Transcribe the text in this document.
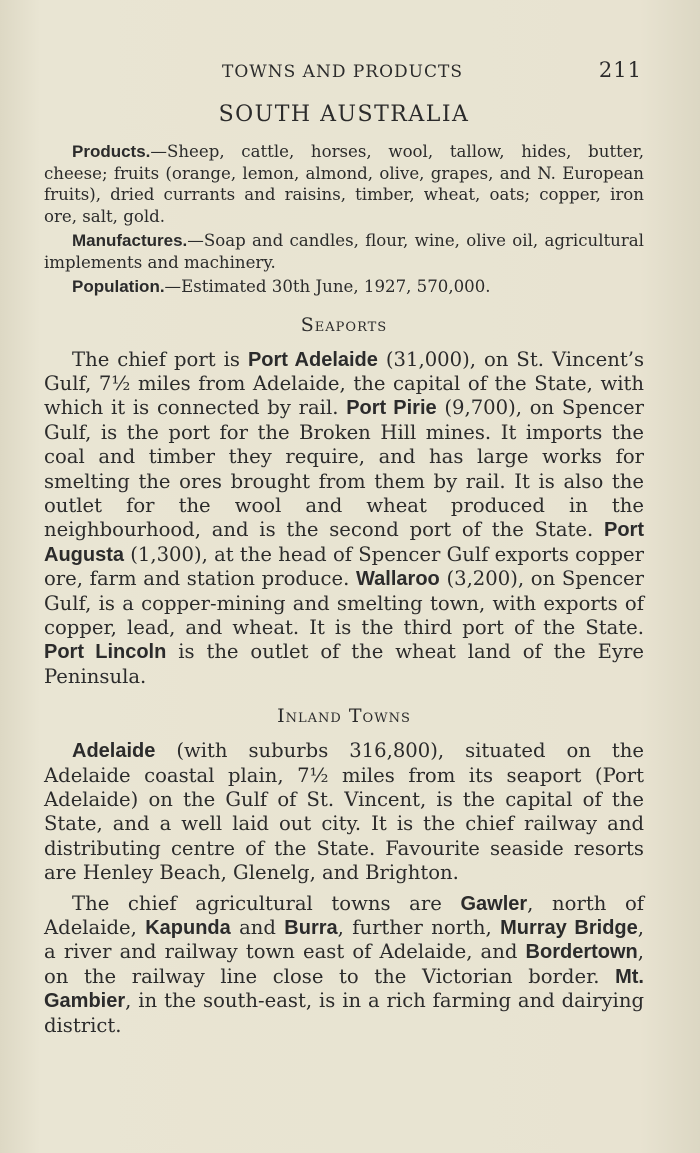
TOWNS AND PRODUCTS	211
SOUTH AUSTRALIA

Products.—Sheep, cattle, horses, wool, tallow, hides, butter, cheese; fruits (orange, lemon, almond, olive, grapes, and N. European fruits), dried currants and raisins, timber, wheat, oats; copper, iron ore, salt, gold.

Manufactures.—Soap and candles, flour, wine, olive oil, agricultural implements and machinery.

Population.—Estimated 30th June, 1927, 570,000.

Seaports

The chief port is Port Adelaide (31,000), on St. Vincent’s Gulf, 7½ miles from Adelaide, the capital of the State, with which it is connected by rail. Port Pirie (9,700), on Spencer Gulf, is the port for the Broken Hill mines. It imports the coal and timber they require, and has large works for smelting the ores brought from them by rail. It is also the outlet for the wool and wheat produced in the neighbourhood, and is the second port of the State. Port Augusta (1,300), at the head of Spencer Gulf exports copper ore, farm and station produce. Wallaroo (3,200), on Spencer Gulf, is a copper-mining and smelting town, with exports of copper, lead, and wheat. It is the third port of the State. Port Lincoln is the outlet of the wheat land of the Eyre Peninsula.

Inland Towns

Adelaide (with suburbs 316,800), situated on the Adelaide coastal plain, 7½ miles from its seaport (Port Adelaide) on the Gulf of St. Vincent, is the capital of the State, and a well laid out city. It is the chief railway and distributing centre of the State. Favourite seaside resorts are Henley Beach, Glenelg, and Brighton.

The chief agricultural towns are Gawler, north of Adelaide, Kapunda and Burra, further north, Murray Bridge, a river and railway town east of Adelaide, and Bordertown, on the railway line close to the Victorian border. Mt. Gambier, in the south-east, is in a rich farming and dairying district.
